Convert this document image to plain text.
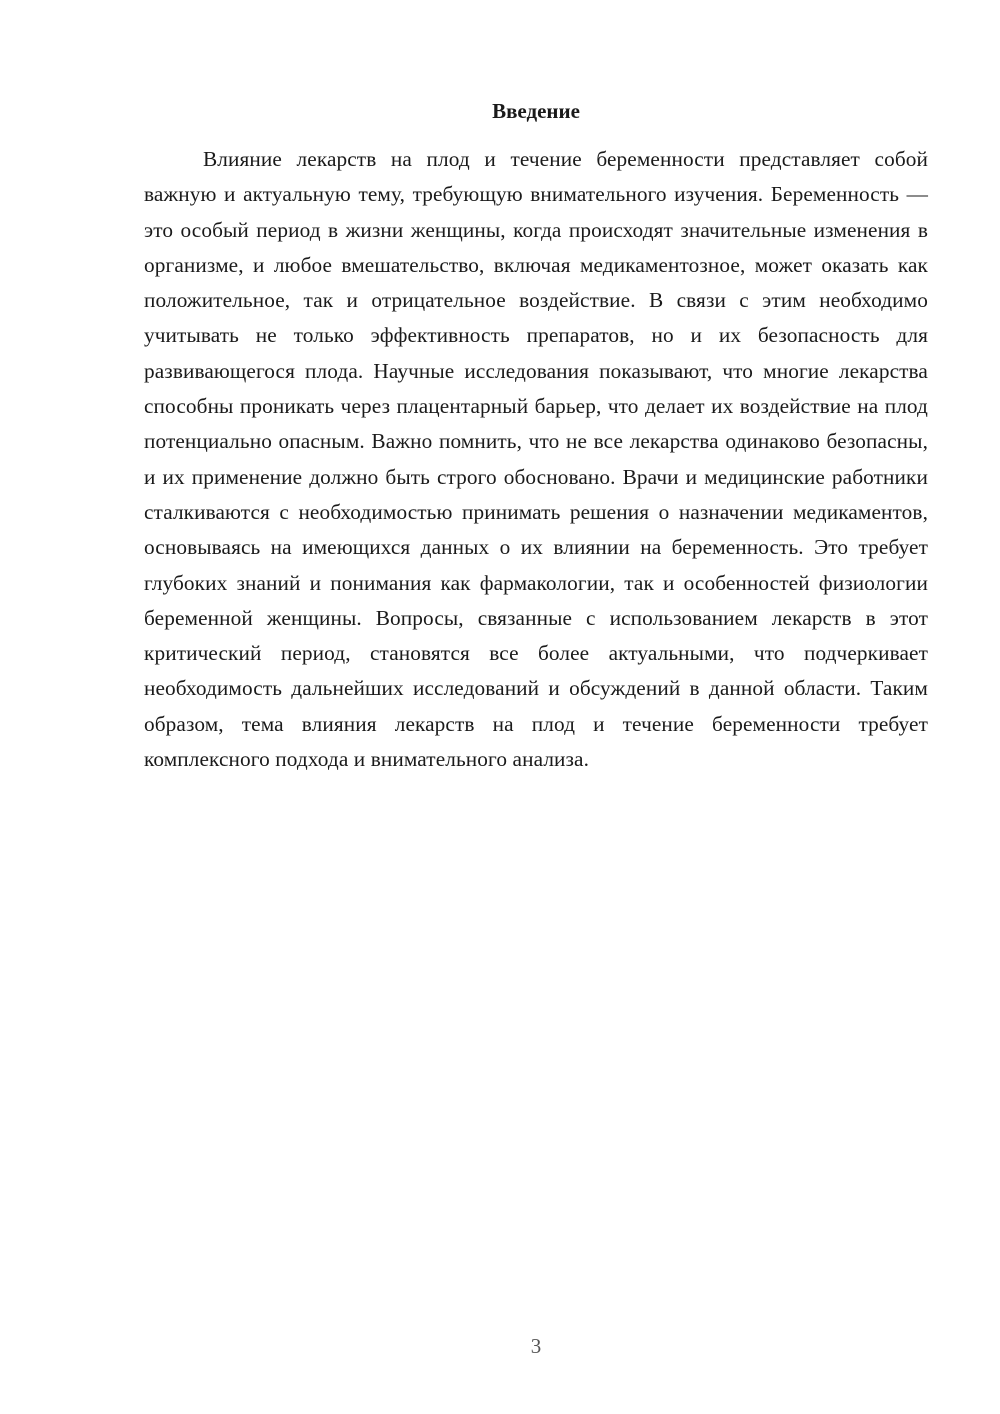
Введение

Влияние лекарств на плод и течение беременности представляет собой важную и актуальную тему, требующую внимательного изучения. Беременность — это особый период в жизни женщины, когда происходят значительные изменения в организме, и любое вмешательство, включая медикаментозное, может оказать как положительное, так и отрицательное воздействие. В связи с этим необходимо учитывать не только эффективность препаратов, но и их безопасность для развивающегося плода. Научные исследования показывают, что многие лекарства способны проникать через плацентарный барьер, что делает их воздействие на плод потенциально опасным. Важно помнить, что не все лекарства одинаково безопасны, и их применение должно быть строго обосновано. Врачи и медицинские работники сталкиваются с необходимостью принимать решения о назначении медикаментов, основываясь на имеющихся данных о их влиянии на беременность. Это требует глубоких знаний и понимания как фармакологии, так и особенностей физиологии беременной женщины. Вопросы, связанные с использованием лекарств в этот критический период, становятся все более актуальными, что подчеркивает необходимость дальнейших исследований и обсуждений в данной области. Таким образом, тема влияния лекарств на плод и течение беременности требует комплексного подхода и внимательного анализа.

3
